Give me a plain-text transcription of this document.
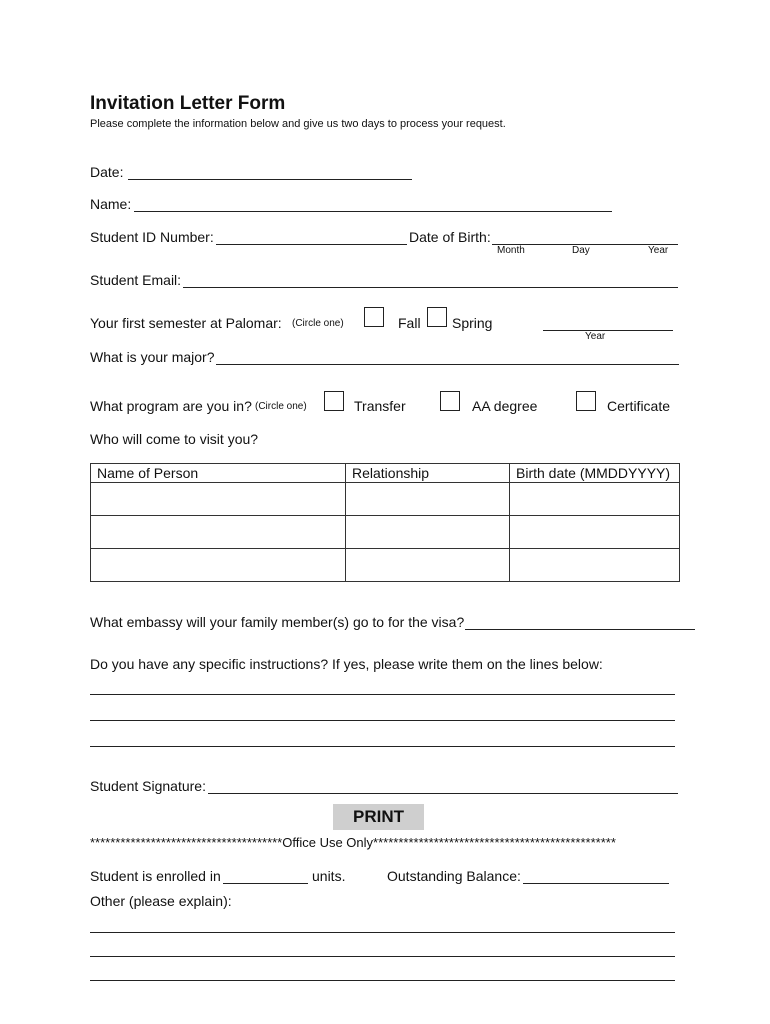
Invitation Letter Form
Please complete the information below and give us two days to process your request.
Date:
Name:
Student ID Number:	Date of Birth:
Month	Day	Year
Student Email:
Your first semester at Palomar: (Circle one)	Fall Spring
Year
What is your major?
What program are you in? (Circle one)	Transfer	AA degree	Certificate
Who will come to visit you?
Name of Person	Relationship	Birth date (MMDDYYYY)

What embassy will your family member(s) go to for the visa?
Do you have any specific instructions? If yes, please write them on the lines below:
Student Signature:
PRINT
**************************************Office Use Only************************************************
Student is enrolled in	units.	Outstanding Balance:
Other (please explain):
